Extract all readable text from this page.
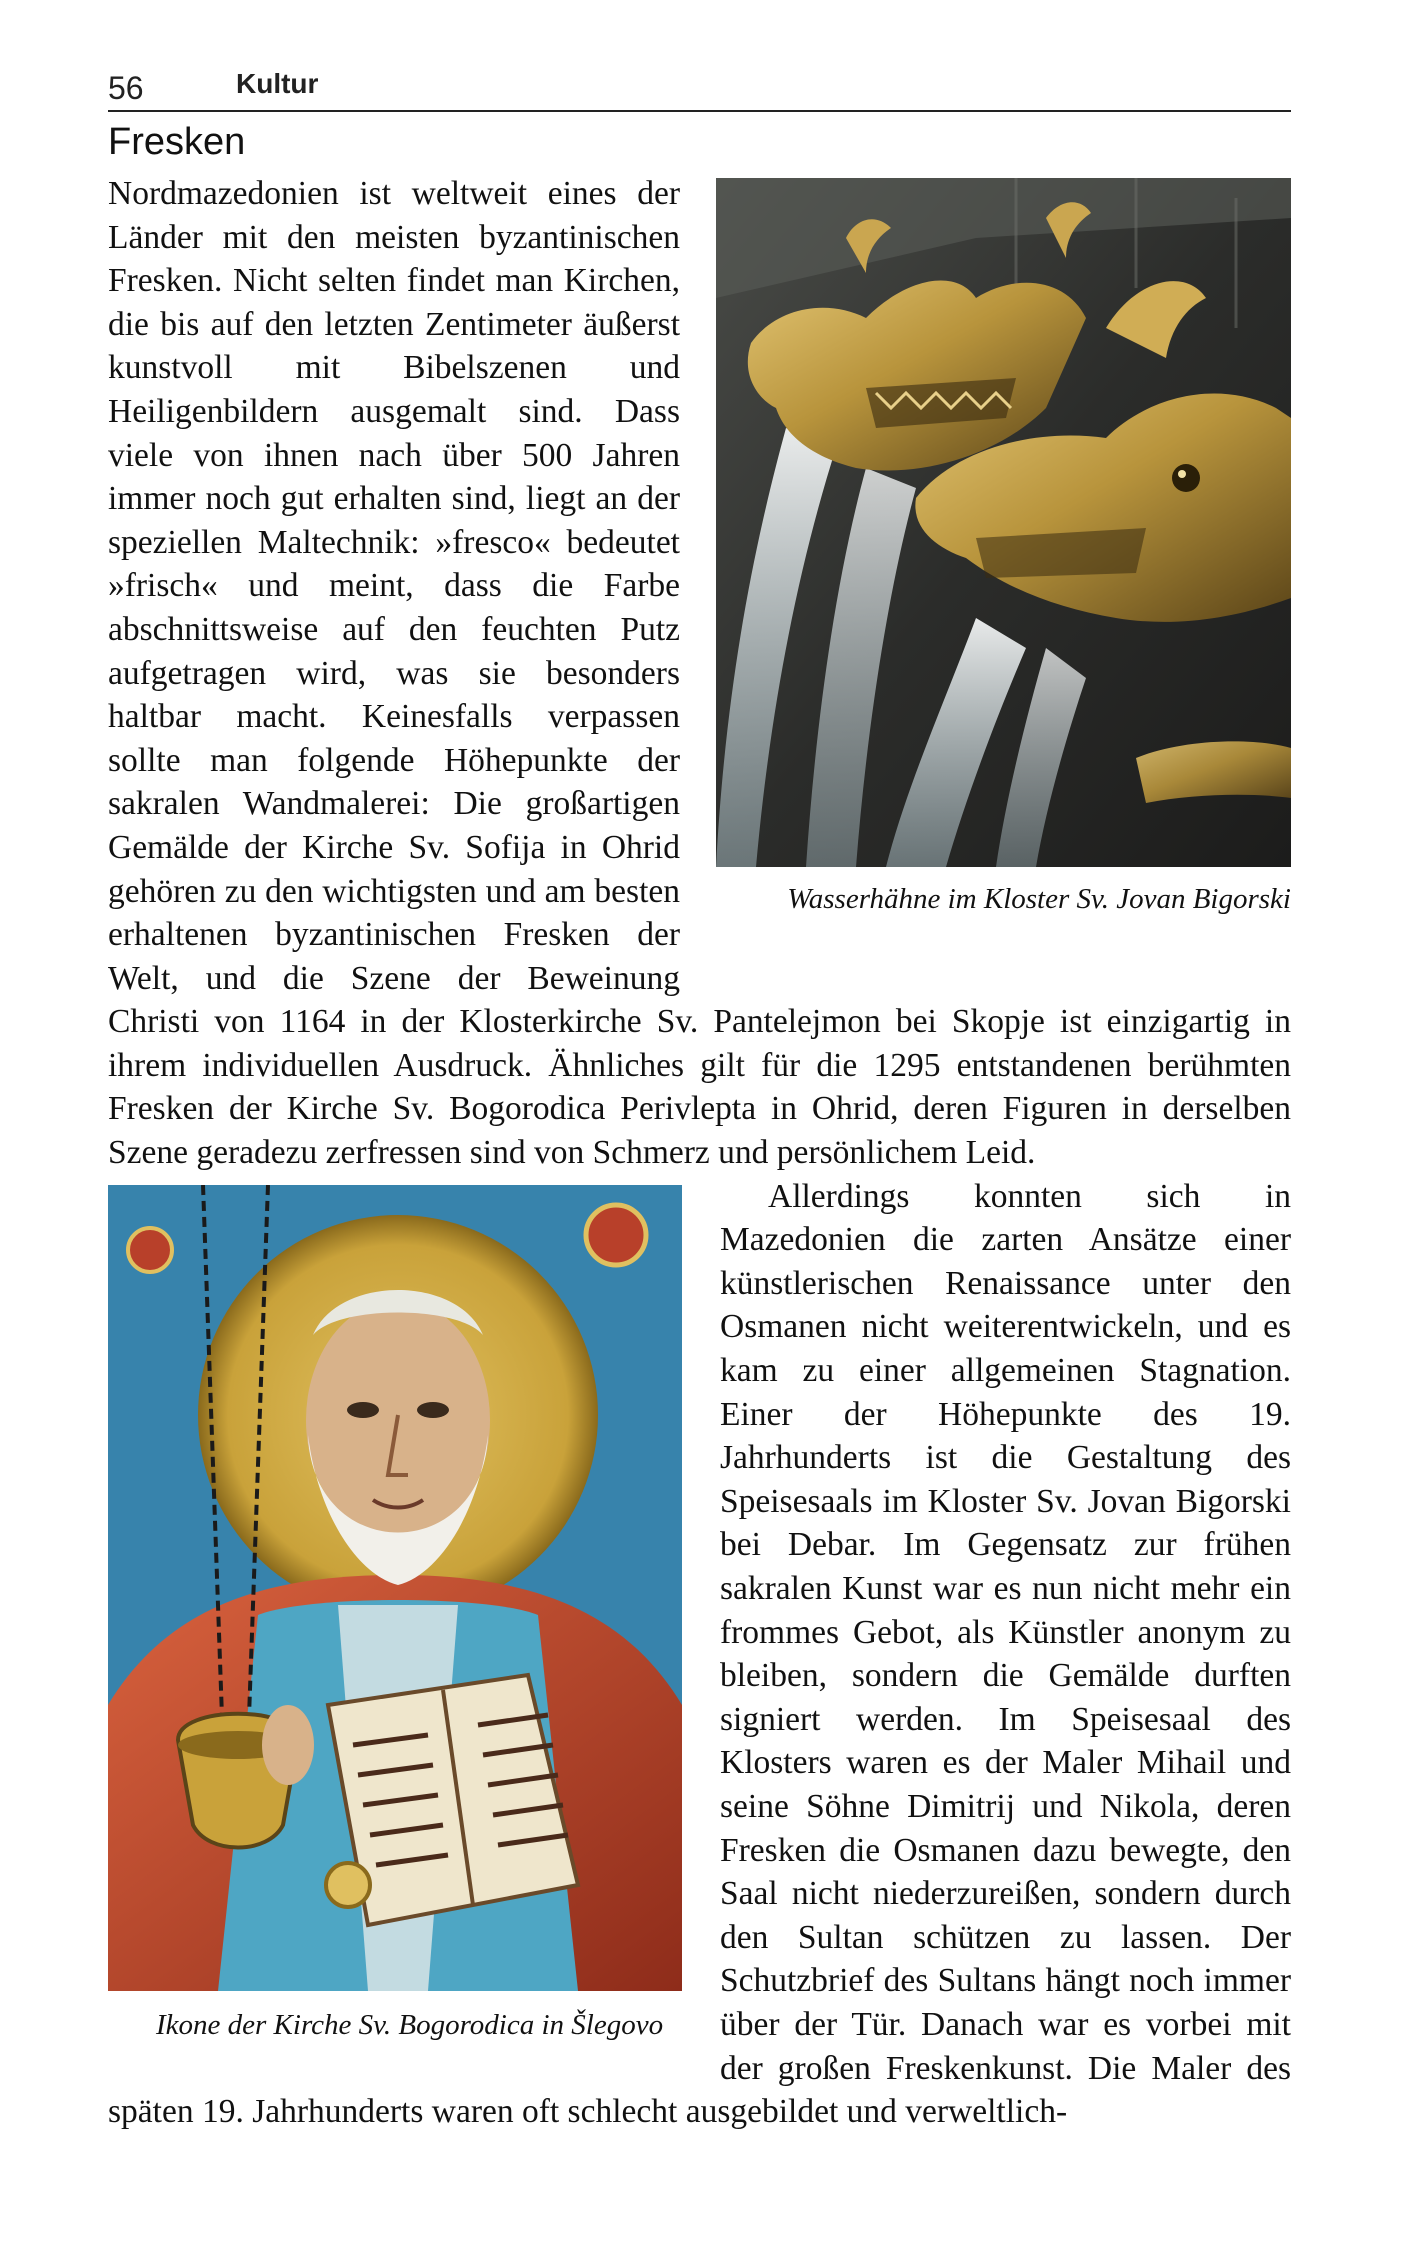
56	Kultur
Fresken
Wasserhähne im Kloster Sv. Jovan Bigorski

Nordmazedonien ist weltweit eines der Länder mit den meisten byzantinischen Fresken. Nicht selten findet man Kirchen, die bis auf den letzten Zentimeter äußerst kunstvoll mit Bibelszenen und Heiligenbildern ausgemalt sind. Dass viele von ihnen nach über 500 Jahren immer noch gut erhalten sind, liegt an der speziellen Maltechnik: »fresco« bedeutet »frisch« und meint, dass die Farbe abschnittsweise auf den feuchten Putz aufgetragen wird, was sie besonders haltbar macht. Keinesfalls verpassen sollte man folgende Höhepunkte der sakralen Wandmalerei: Die großartigen Gemälde der Kirche Sv. Sofija in Ohrid gehören zu den wichtigsten und am besten erhaltenen byzantinischen Fresken der Welt, und die Szene der Beweinung Christi von 1164 in der Klosterkirche Sv. Pantelejmon bei Skopje ist einzigartig in ihrem individuellen Ausdruck. Ähnliches gilt für die 1295 entstandenen berühmten Fresken der Kirche Sv. Bogorodica Perivlepta in Ohrid, deren Figuren in derselben Szene geradezu zerfressen sind von Schmerz und persönlichem Leid.

Ikone der Kirche Sv. Bogorodica in Šlegovo
Allerdings konnten sich in Mazedonien die zarten Ansätze einer künstlerischen Renaissance unter den Osmanen nicht weiterentwickeln, und es kam zu einer allgemeinen Stagnation. Einer der Höhepunkte des 19. Jahrhunderts ist die Gestaltung des Speisesaals im Kloster Sv. Jovan Bigorski bei Debar. Im Gegensatz zur frühen sakralen Kunst war es nun nicht mehr ein frommes Gebot, als Künstler anonym zu bleiben, sondern die Gemälde durften signiert werden. Im Speisesaal des Klosters waren es der Maler Mihail und seine Söhne Dimitrij und Nikola, deren Fresken die Osmanen dazu bewegte, den Saal nicht niederzureißen, sondern durch den Sultan schützen zu lassen. Der Schutzbrief des Sultans hängt noch immer über der Tür. Danach war es vorbei mit der großen Freskenkunst. Die Maler des späten 19. Jahrhunderts waren oft schlecht ausgebildet und verweltlich-
